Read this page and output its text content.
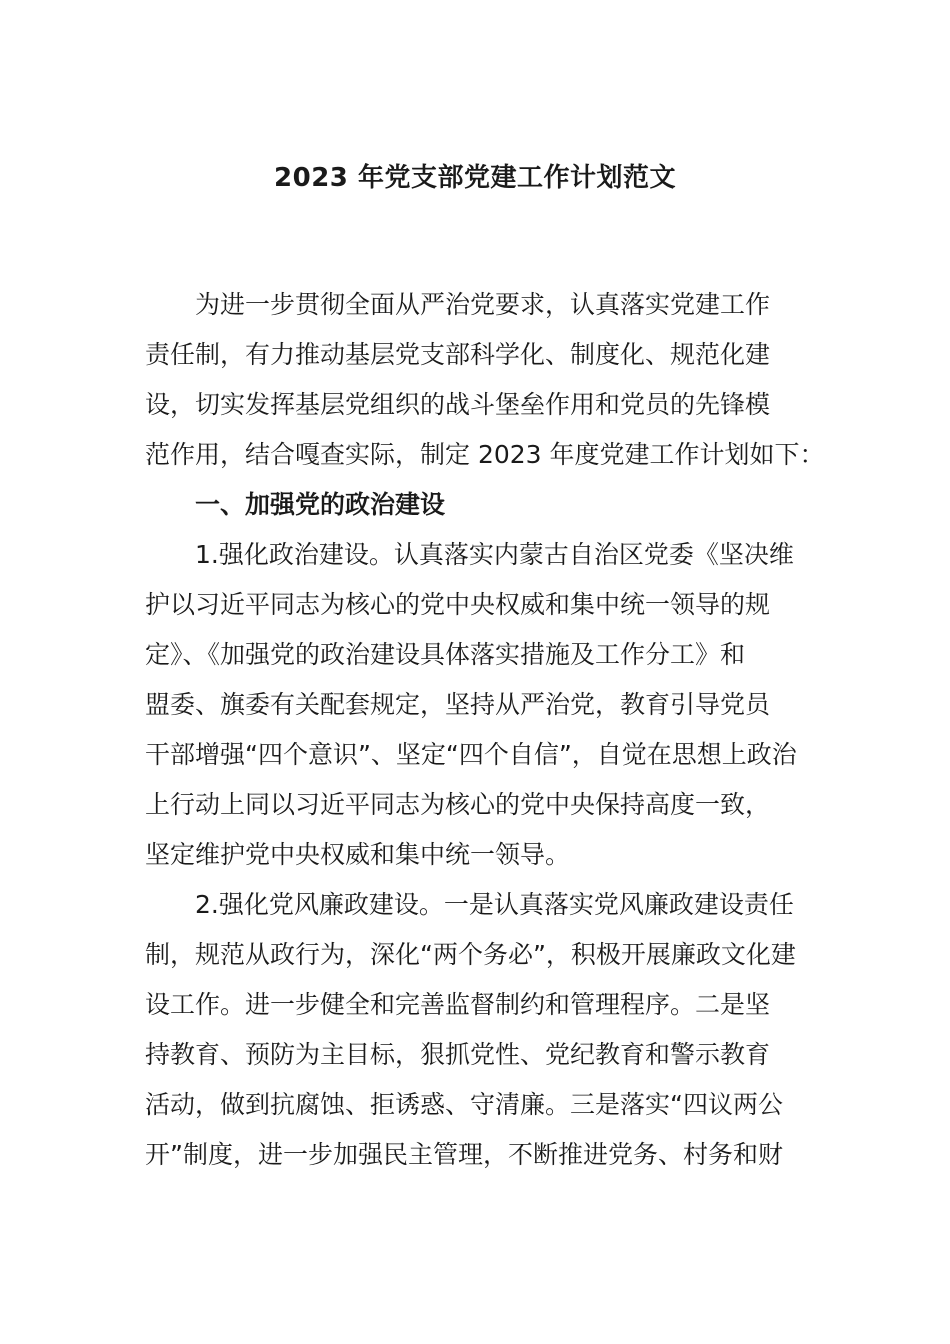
2023 年党支部党建工作计划范文
为进一步贯彻全面从严治党要求，认真落实党建工作
责任制，有力推动基层党支部科学化、制度化、规范化建
设，切实发挥基层党组织的战斗堡垒作用和党员的先锋模
范作用，结合嘎查实际，制定 2023 年度党建工作计划如下：
一、加强党的政治建设
1.强化政治建设。认真落实内蒙古自治区党委《坚决维
护以习近平同志为核心的党中央权威和集中统一领导的规
定》、《加强党的政治建设具体落实措施及工作分工》和
盟委、旗委有关配套规定，坚持从严治党，教育引导党员
干部增强“四个意识”、坚定“四个自信”，自觉在思想上政治
上行动上同以习近平同志为核心的党中央保持高度一致，
坚定维护党中央权威和集中统一领导。
2.强化党风廉政建设。一是认真落实党风廉政建设责任
制，规范从政行为，深化“两个务必”，积极开展廉政文化建
设工作。进一步健全和完善监督制约和管理程序。二是坚
持教育、预防为主目标，狠抓党性、党纪教育和警示教育
活动，做到抗腐蚀、拒诱惑、守清廉。三是落实“四议两公
开”制度，进一步加强民主管理，不断推进党务、村务和财
